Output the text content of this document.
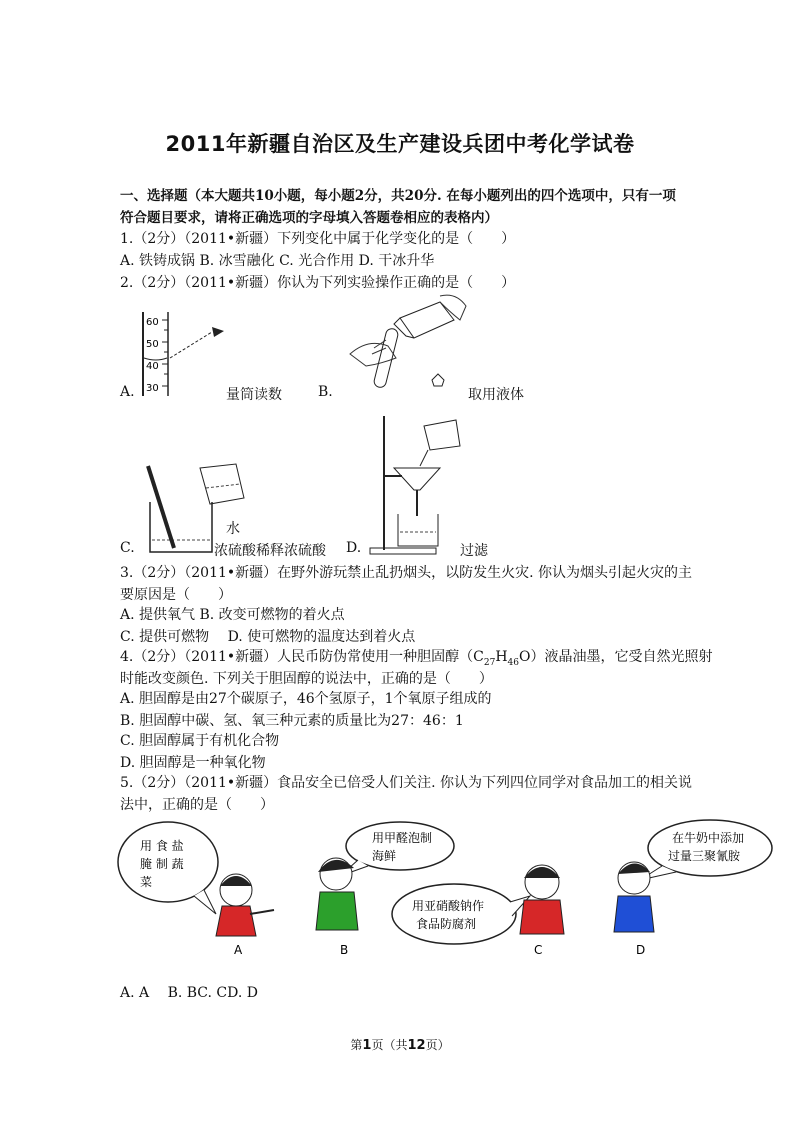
2011年新疆自治区及生产建设兵团中考化学试卷
一、选择题（本大题共10小题，每小题2分，共20分. 在每小题列出的四个选项中，只有一项
符合题目要求，请将正确选项的字母填入答题卷相应的表格内）
1.（2分）（2011•新疆）下列变化中属于化学变化的是（　　）
A. 铁铸成锅 B. 冰雪融化 C. 光合作用 D. 干冰升华
2.（2分）（2011•新疆）你认为下列实验操作正确的是（　　）
60
50
40
30
A.	量筒读数	B.	取用液体
水
浓硫酸
C.	稀释浓硫酸 D.	过滤
3.（2分）（2011•新疆）在野外游玩禁止乱扔烟头，以防发生火灾. 你认为烟头引起火灾的主
要原因是（　　）
A. 提供氧气 B. 改变可燃物的着火点
C. 提供可燃物　 D. 使可燃物的温度达到着火点
4.（2分）（2011•新疆）人民币防伪常使用一种胆固醇$(C_{27}H_{46}O)$液晶油墨，它受自然光照射
时能改变颜色. 下列关于胆固醇的说法中，正确的是（　　）
A. 胆固醇是由27个碳原子，46个氢原子，1个氧原子组成的
B. 胆固醇中碳、氢、氧三种元素的质量比为27：46：1
C. 胆固醇属于有机化合物
D. 胆固醇是一种氧化物
5.（2分）（2011•新疆）食品安全已倍受人们关注. 你认为下列四位同学对食品加工的相关说
法中，正确的是（　　）
用 食 盐
腌 制 蔬
菜
用甲醛泡制
海鲜
用亚硝酸钠作
食品防腐剂
在牛奶中添加
过量三聚氰胺
A	B	C	D
A. A　 B. BC. CD. D
第1页（共12页）
